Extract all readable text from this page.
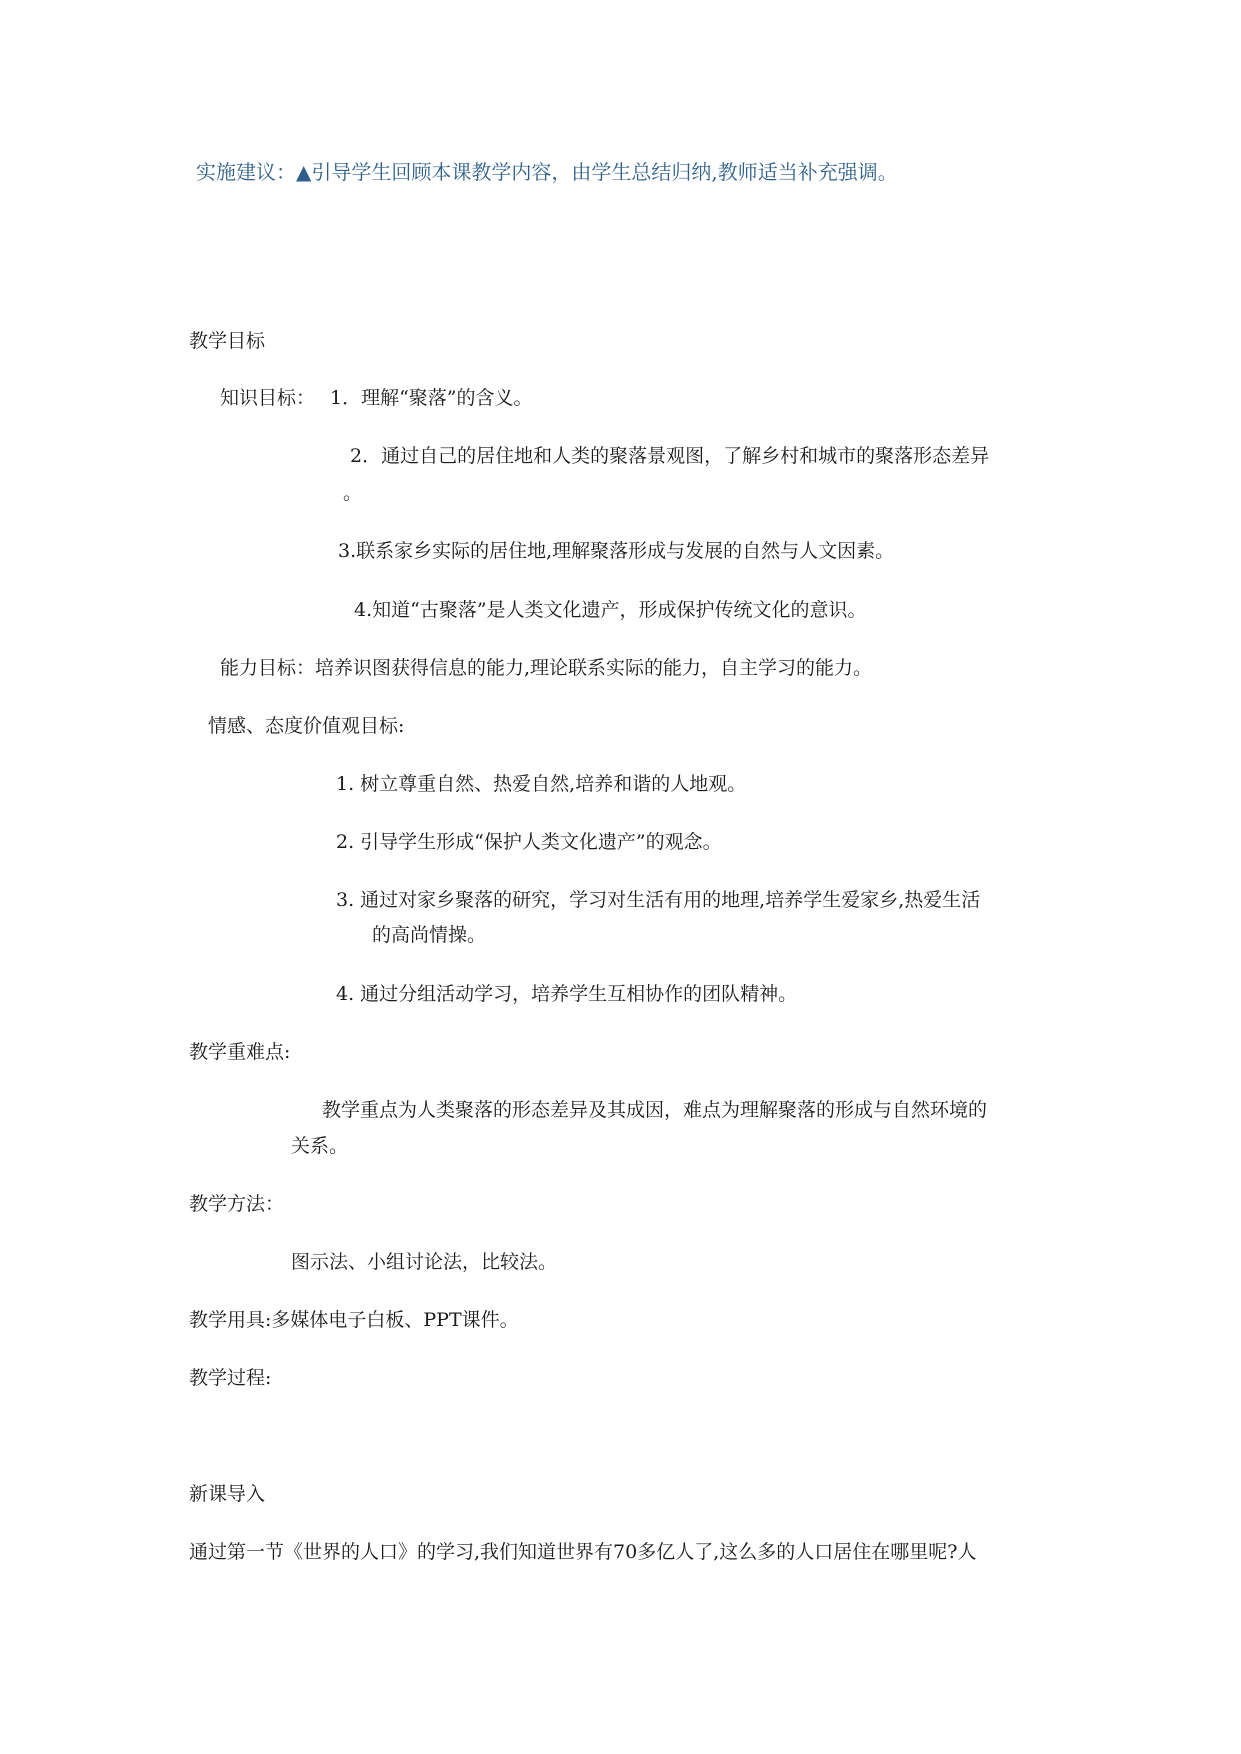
实施建议：▲引导学生回顾本课教学内容，由学生总结归纳,教师适当补充强调。
教学目标
知识目标： 1．理解“聚落”的含义。
2．通过自己的居住地和人类的聚落景观图，了解乡村和城市的聚落形态差异
。
3.联系家乡实际的居住地,理解聚落形成与发展的自然与人文因素。
4.知道“古聚落”是人类文化遗产，形成保护传统文化的意识。
能力目标：培养识图获得信息的能力,理论联系实际的能力，自主学习的能力。
情感、态度价值观目标:
1. 树立尊重自然、热爱自然,培养和谐的人地观。
2. 引导学生形成“保护人类文化遗产”的观念。
3. 通过对家乡聚落的研究，学习对生活有用的地理,培养学生爱家乡,热爱生活
的高尚情操。
4. 通过分组活动学习，培养学生互相协作的团队精神。
教学重难点:
教学重点为人类聚落的形态差异及其成因，难点为理解聚落的形成与自然环境的
关系。
教学方法：
图示法、小组讨论法，比较法。
教学用具:多媒体电子白板、PPT课件。
教学过程:
新课导入
通过第一节《世界的人口》的学习,我们知道世界有70多亿人了,这么多的人口居住在哪里呢?人
